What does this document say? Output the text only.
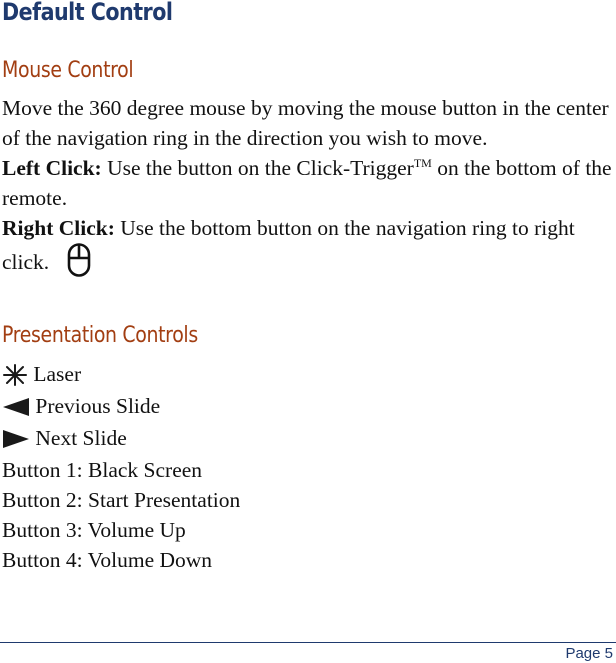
Default Control
Mouse Control

Move the 360 degree mouse by moving the mouse button in the center of the navigation ring in the direction you wish to move.

Left Click: Use the button on the Click-Trigger™ on the bottom of the remote.

Right Click: Use the bottom button on the navigation ring to right click.

Presentation Controls

Laser

Previous Slide

Next Slide

Button 1: Black Screen

Button 2: Start Presentation

Button 3: Volume Up

Button 4: Volume Down

Page 5
